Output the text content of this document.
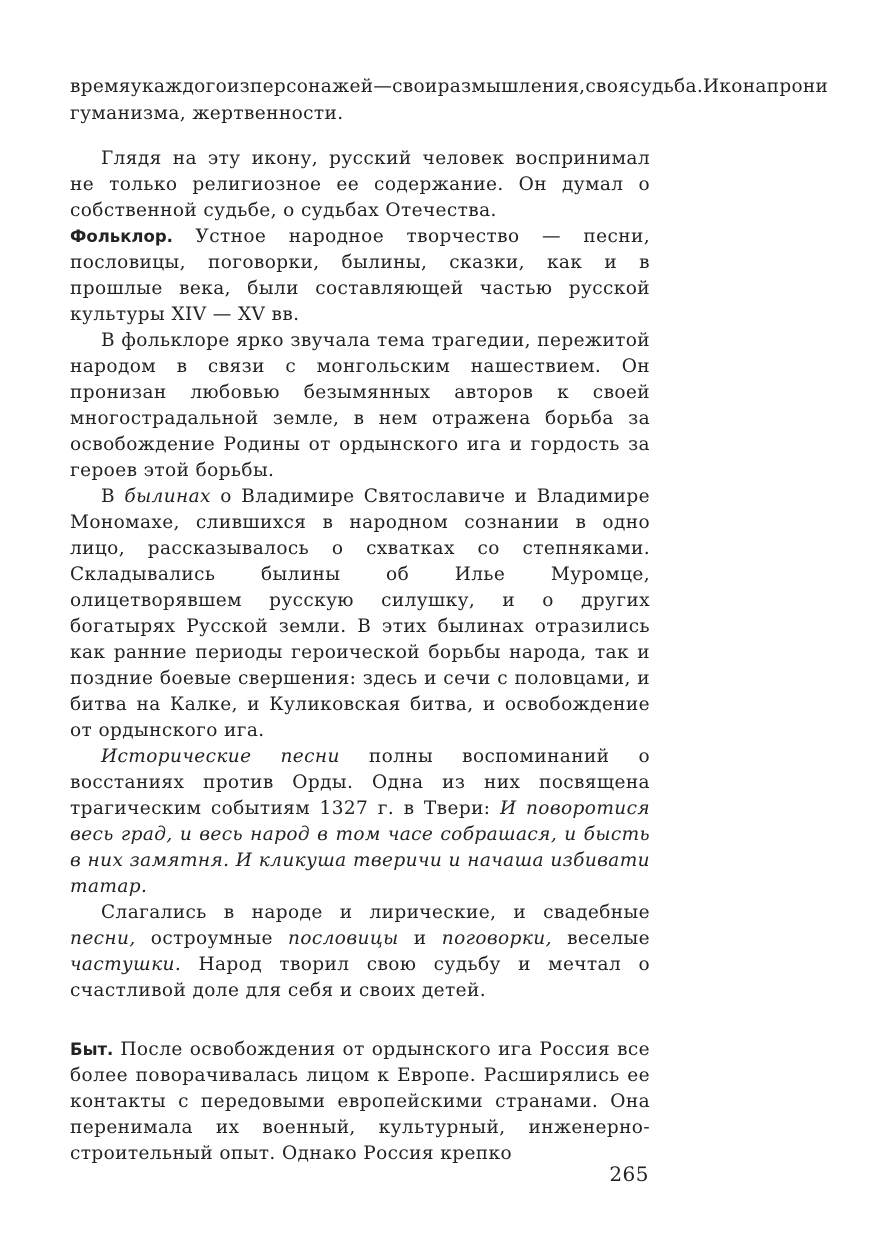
времяукаждогоизперсонажей—своиразмышления,своясудьба.Иконапрони

гуманизма, жертвенности.

Глядя на эту икону, русский человек воспринимал не только религиозное ее содержание. Он думал о собственной судьбе, о судьбах Отечества.

Фольклор. Устное народное творчество — песни, пословицы, поговорки, былины, сказки, как и в прошлые века, были составляющей частью русской культуры XIV — XV вв.

В фольклоре ярко звучала тема трагедии, пережитой народом в связи с монгольским нашествием. Он пронизан любовью безымянных авторов к своей многострадальной земле, в нем отражена борьба за освобождение Родины от ордынского ига и гордость за героев этой борьбы.

В былинах о Владимире Святославиче и Владимире Мономахе, слившихся в народном сознании в одно лицо, рассказывалось о схватках со степняками. Складывались былины об Илье Муромце, олицетворявшем русскую силушку, и о других богатырях Русской земли. В этих былинах отразились как ранние периоды героической борьбы народа, так и поздние боевые свершения: здесь и сечи с половцами, и битва на Калке, и Куликовская битва, и освобождение от ордынского ига.

Исторические песни полны воспоминаний о восстаниях против Орды. Одна из них посвящена трагическим событиям 1327 г. в Твери: И поворотися весь град, и весь народ в том часе собрашася, и бысть в них замятня. И кликуша тверичи и начаша избивати татар.

Слагались в народе и лирические, и свадебные песни, остроумные пословицы и поговорки, веселые частушки. Народ творил свою судьбу и мечтал о счастливой доле для себя и своих детей.

Быт. После освобождения от ордынского ига Россия все более поворачивалась лицом к Европе. Расширялись ее контакты с передовыми европейскими странами. Она перенимала их военный, культурный, инженерно-строительный опыт. Однако Россия крепко

265
